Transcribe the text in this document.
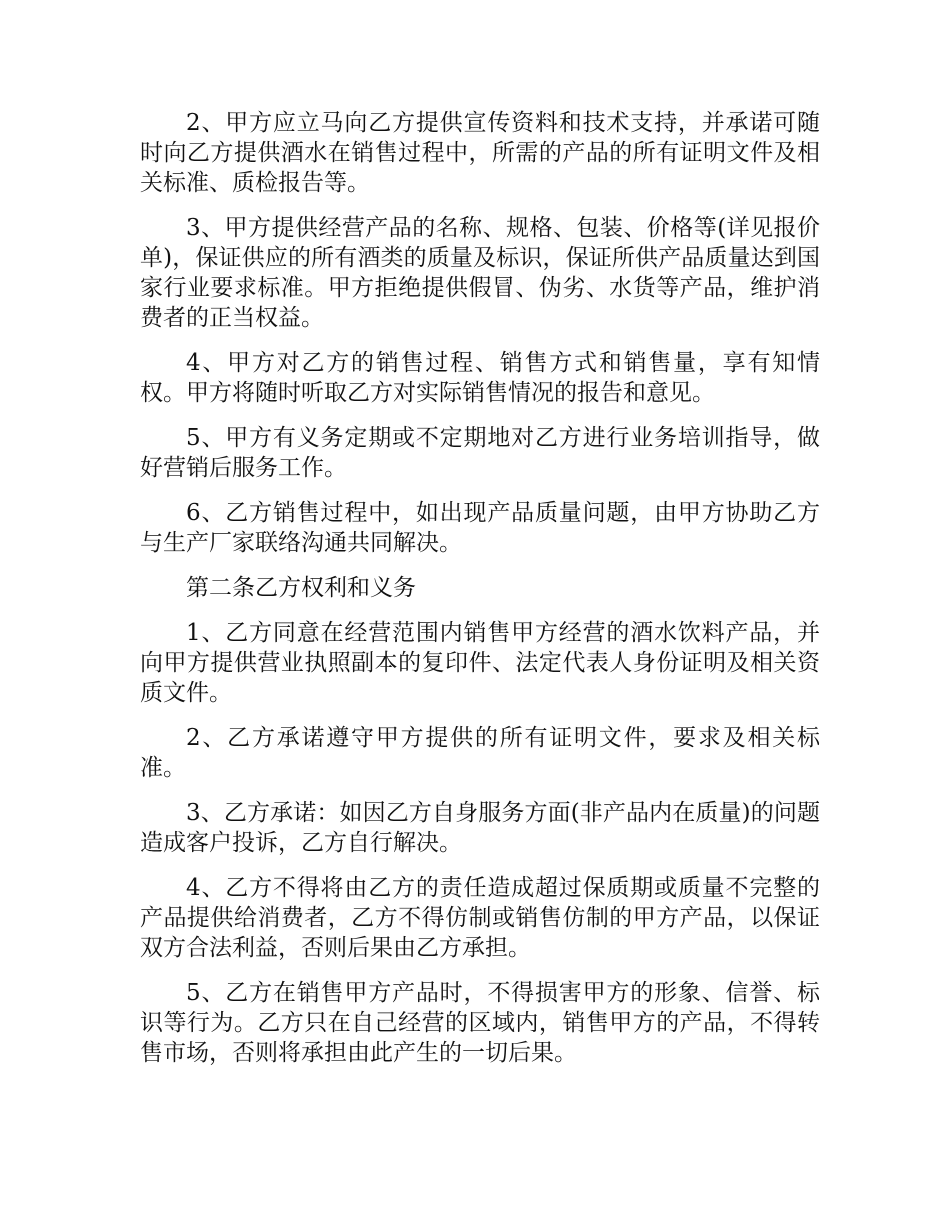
2、甲方应立马向乙方提供宣传资料和技术支持，并承诺可随时向乙方提供酒水在销售过程中，所需的产品的所有证明文件及相关标准、质检报告等。

3、甲方提供经营产品的名称、规格、包装、价格等(详见报价单)，保证供应的所有酒类的质量及标识，保证所供产品质量达到国家行业要求标准。甲方拒绝提供假冒、伪劣、水货等产品，维护消费者的正当权益。

4、甲方对乙方的销售过程、销售方式和销售量，享有知情权。甲方将随时听取乙方对实际销售情况的报告和意见。

5、甲方有义务定期或不定期地对乙方进行业务培训指导，做好营销后服务工作。

6、乙方销售过程中，如出现产品质量问题，由甲方协助乙方与生产厂家联络沟通共同解决。

第二条乙方权利和义务

1、乙方同意在经营范围内销售甲方经营的酒水饮料产品，并向甲方提供营业执照副本的复印件、法定代表人身份证明及相关资质文件。

2、乙方承诺遵守甲方提供的所有证明文件，要求及相关标准。

3、乙方承诺：如因乙方自身服务方面(非产品内在质量)的问题造成客户投诉，乙方自行解决。

4、乙方不得将由乙方的责任造成超过保质期或质量不完整的产品提供给消费者，乙方不得仿制或销售仿制的甲方产品，以保证双方合法利益，否则后果由乙方承担。

5、乙方在销售甲方产品时，不得损害甲方的形象、信誉、标识等行为。乙方只在自己经营的区域内，销售甲方的产品，不得转售市场，否则将承担由此产生的一切后果。
